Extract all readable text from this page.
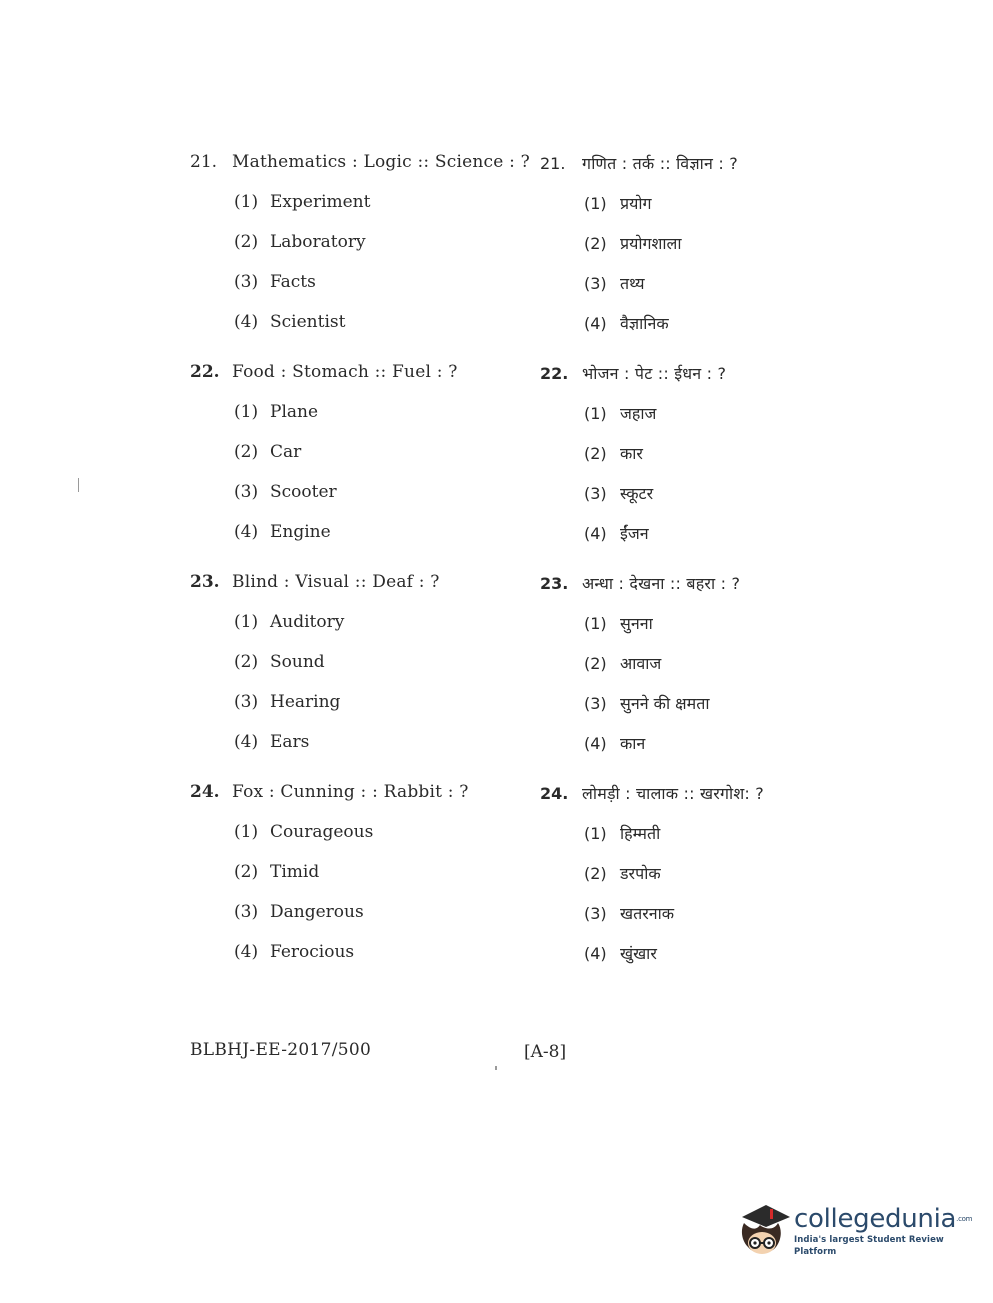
21. Mathematics : Logic :: Science : ?
(1) Experiment
(2) Laboratory
(3) Facts
(4) Scientist
22. Food : Stomach :: Fuel : ?
(1) Plane
(2) Car
(3) Scooter
(4) Engine
23. Blind : Visual :: Deaf : ?
(1) Auditory
(2) Sound
(3) Hearing
(4) Ears
24. Fox : Cunning : : Rabbit : ?
(1) Courageous
(2) Timid
(3) Dangerous
(4) Ferocious
21.	गणित : तर्क :: विज्ञान : ?
(1) प्रयोग
(2) प्रयोगशाला
(3) तथ्य
(4) वैज्ञानिक
22. भोजन : पेट :: ईधन : ?
(1) जहाज
(2) कार
(3) स्कूटर
(4) ईंजन
23. अन्धा : देखना :: बहरा : ?
(1) सुनना
(2) आवाज
(3) सुनने की क्षमता
(4) कान
24. लोमड़ी : चालाक :: खरगोश: ?
(1) हिम्मती
(2) डरपोक
(3) खतरनाक
(4) खुंखार
BLBHJ-EE-2017/500	[A-8]
collegedunia$^{.com}$
India's largest Student Review Platform
